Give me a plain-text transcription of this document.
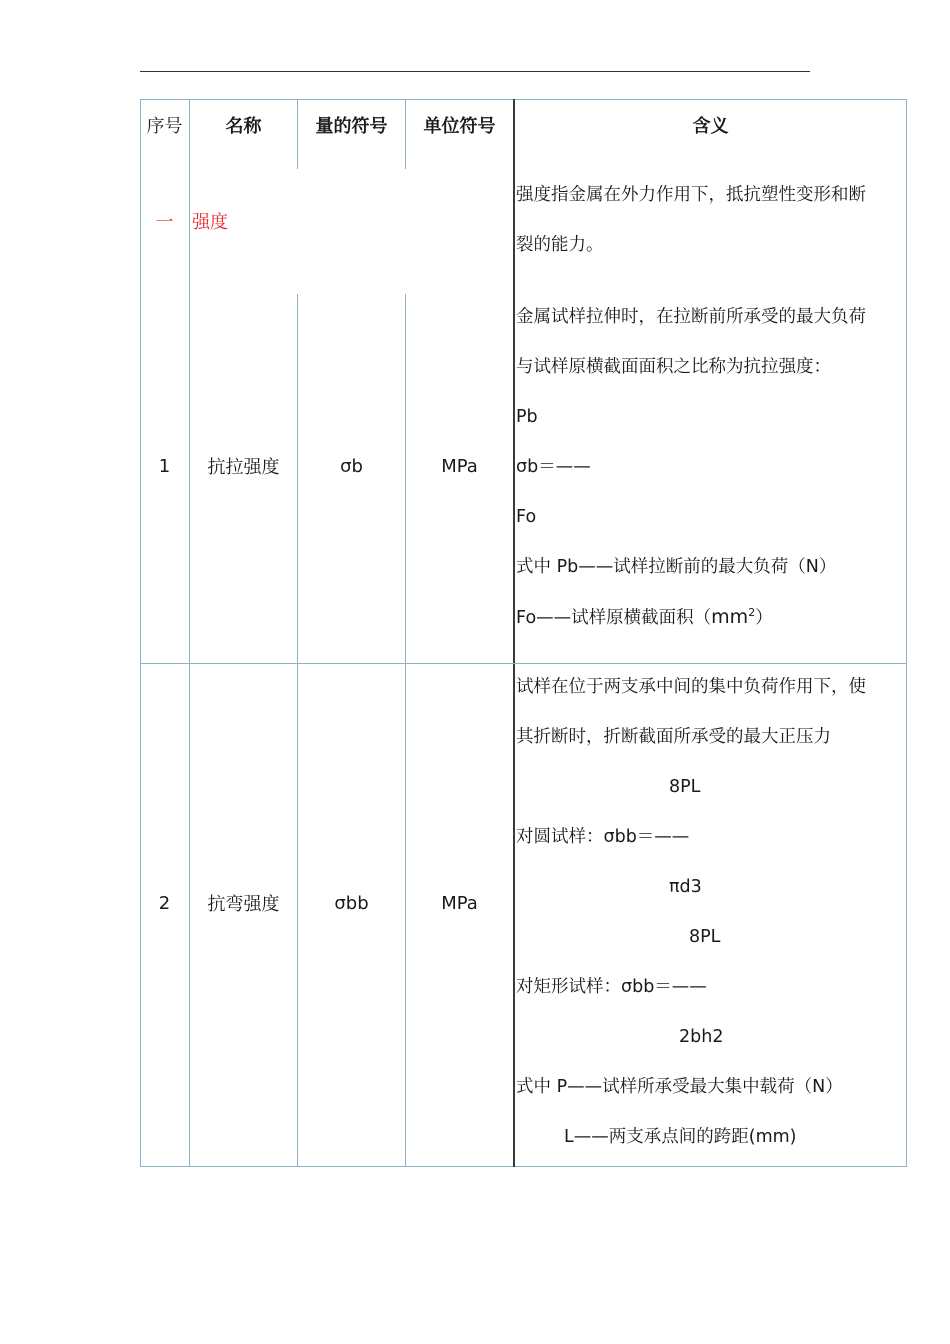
序号	名称	量的符号	单位符号	含义
一	强度
强度指金属在外力作用下，抵抗塑性变形和断
裂的能力。
1	抗拉强度	σb	MPa
金属试样拉伸时，在拉断前所承受的最大负荷
与试样原横截面面积之比称为抗拉强度：
Pb
σb＝——
Fo
式中 Pb——试样拉断前的最大负荷（N）
Fo——试样原横截面积$(mm^2)$
2	抗弯强度	σbb	MPa
试样在位于两支承中间的集中负荷作用下，使
其折断时，折断截面所承受的最大正压力
8PL
对圆试样：σbb＝——
πd3
8PL
对矩形试样：σbb＝——
2bh2
式中 P——试样所承受最大集中载荷（N）
L——两支承点间的跨距(mm)
